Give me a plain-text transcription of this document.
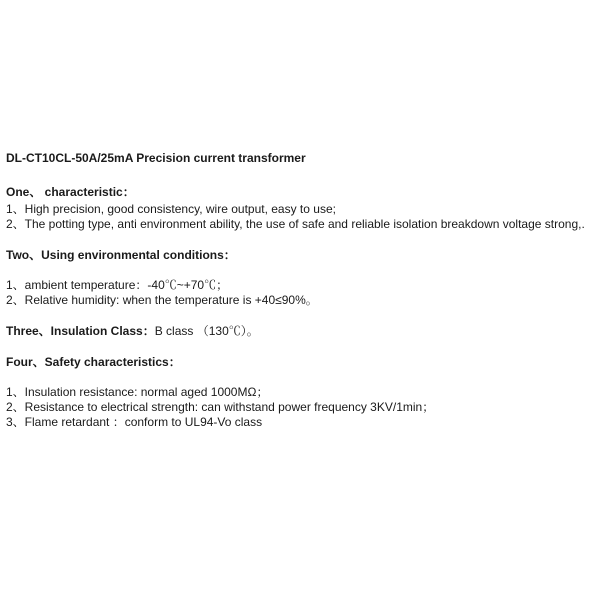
DL-CT10CL-50A/25mA Precision current transformer
One、 characteristic：
1、High precision, good consistency, wire output, easy to use;
2、The potting type, anti environment ability, the use of safe and reliable isolation breakdown voltage strong,.
Two、Using environmental conditions：
1、ambient temperature：-40℃~+70℃；
2、Relative humidity: when the temperature is +40≤90%。
Three、Insulation Class：B class （130℃）。
Four、Safety characteristics：
1、Insulation resistance: normal aged 1000MΩ；
2、Resistance to electrical strength: can withstand power frequency 3KV/1min；
3、Flame retardant ：conform to UL94-Vo class
